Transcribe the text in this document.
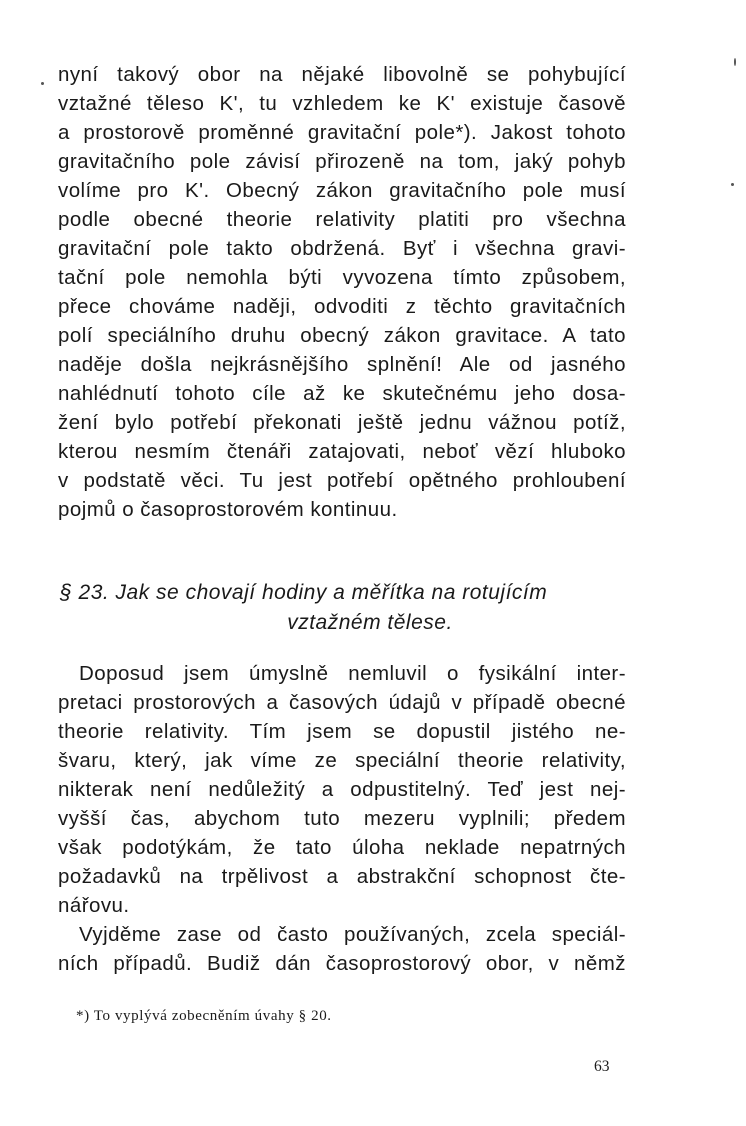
nyní takový obor na nějaké libovolně se pohybující
vztažné těleso K', tu vzhledem ke K' existuje časově
a prostorově proměnné gravitační pole*). Jakost tohoto
gravitačního pole závisí přirozeně na tom, jaký pohyb
volíme pro K'. Obecný zákon gravitačního pole musí
podle obecné theorie relativity platiti pro všechna
gravitační pole takto obdržená. Byť i všechna gravi-
tační pole nemohla býti vyvozena tímto způsobem,
přece chováme naději, odvoditi z těchto gravitačních
polí speciálního druhu obecný zákon gravitace. A tato
naděje došla nejkrásnějšího splnění! Ale od jasného
nahlédnutí tohoto cíle až ke skutečnému jeho dosa-
žení bylo potřebí překonati ještě jednu vážnou potíž,
kterou nesmím čtenáři zatajovati, neboť vězí hluboko
v podstatě věci. Tu jest potřebí opětného prohloubení
pojmů o časoprostorovém kontinuu.
§ 23. Jak se chovají hodiny a měřítka na rotujícím
vztažném tělese.
Doposud jsem úmyslně nemluvil o fysikální inter-
pretaci prostorových a časových údajů v případě obecné
theorie relativity. Tím jsem se dopustil jistého ne-
švaru, který, jak víme ze speciální theorie relativity,
nikterak není nedůležitý a odpustitelný. Teď jest nej-
vyšší čas, abychom tuto mezeru vyplnili; předem
však podotýkám, že tato úloha neklade nepatrných
požadavků na trpělivost a abstrakční schopnost čte-
nářovu.
Vyjděme zase od často používaných, zcela speciál-
ních případů. Budiž dán časoprostorový obor, v němž
*) To vyplývá zobecněním úvahy § 20.
63
